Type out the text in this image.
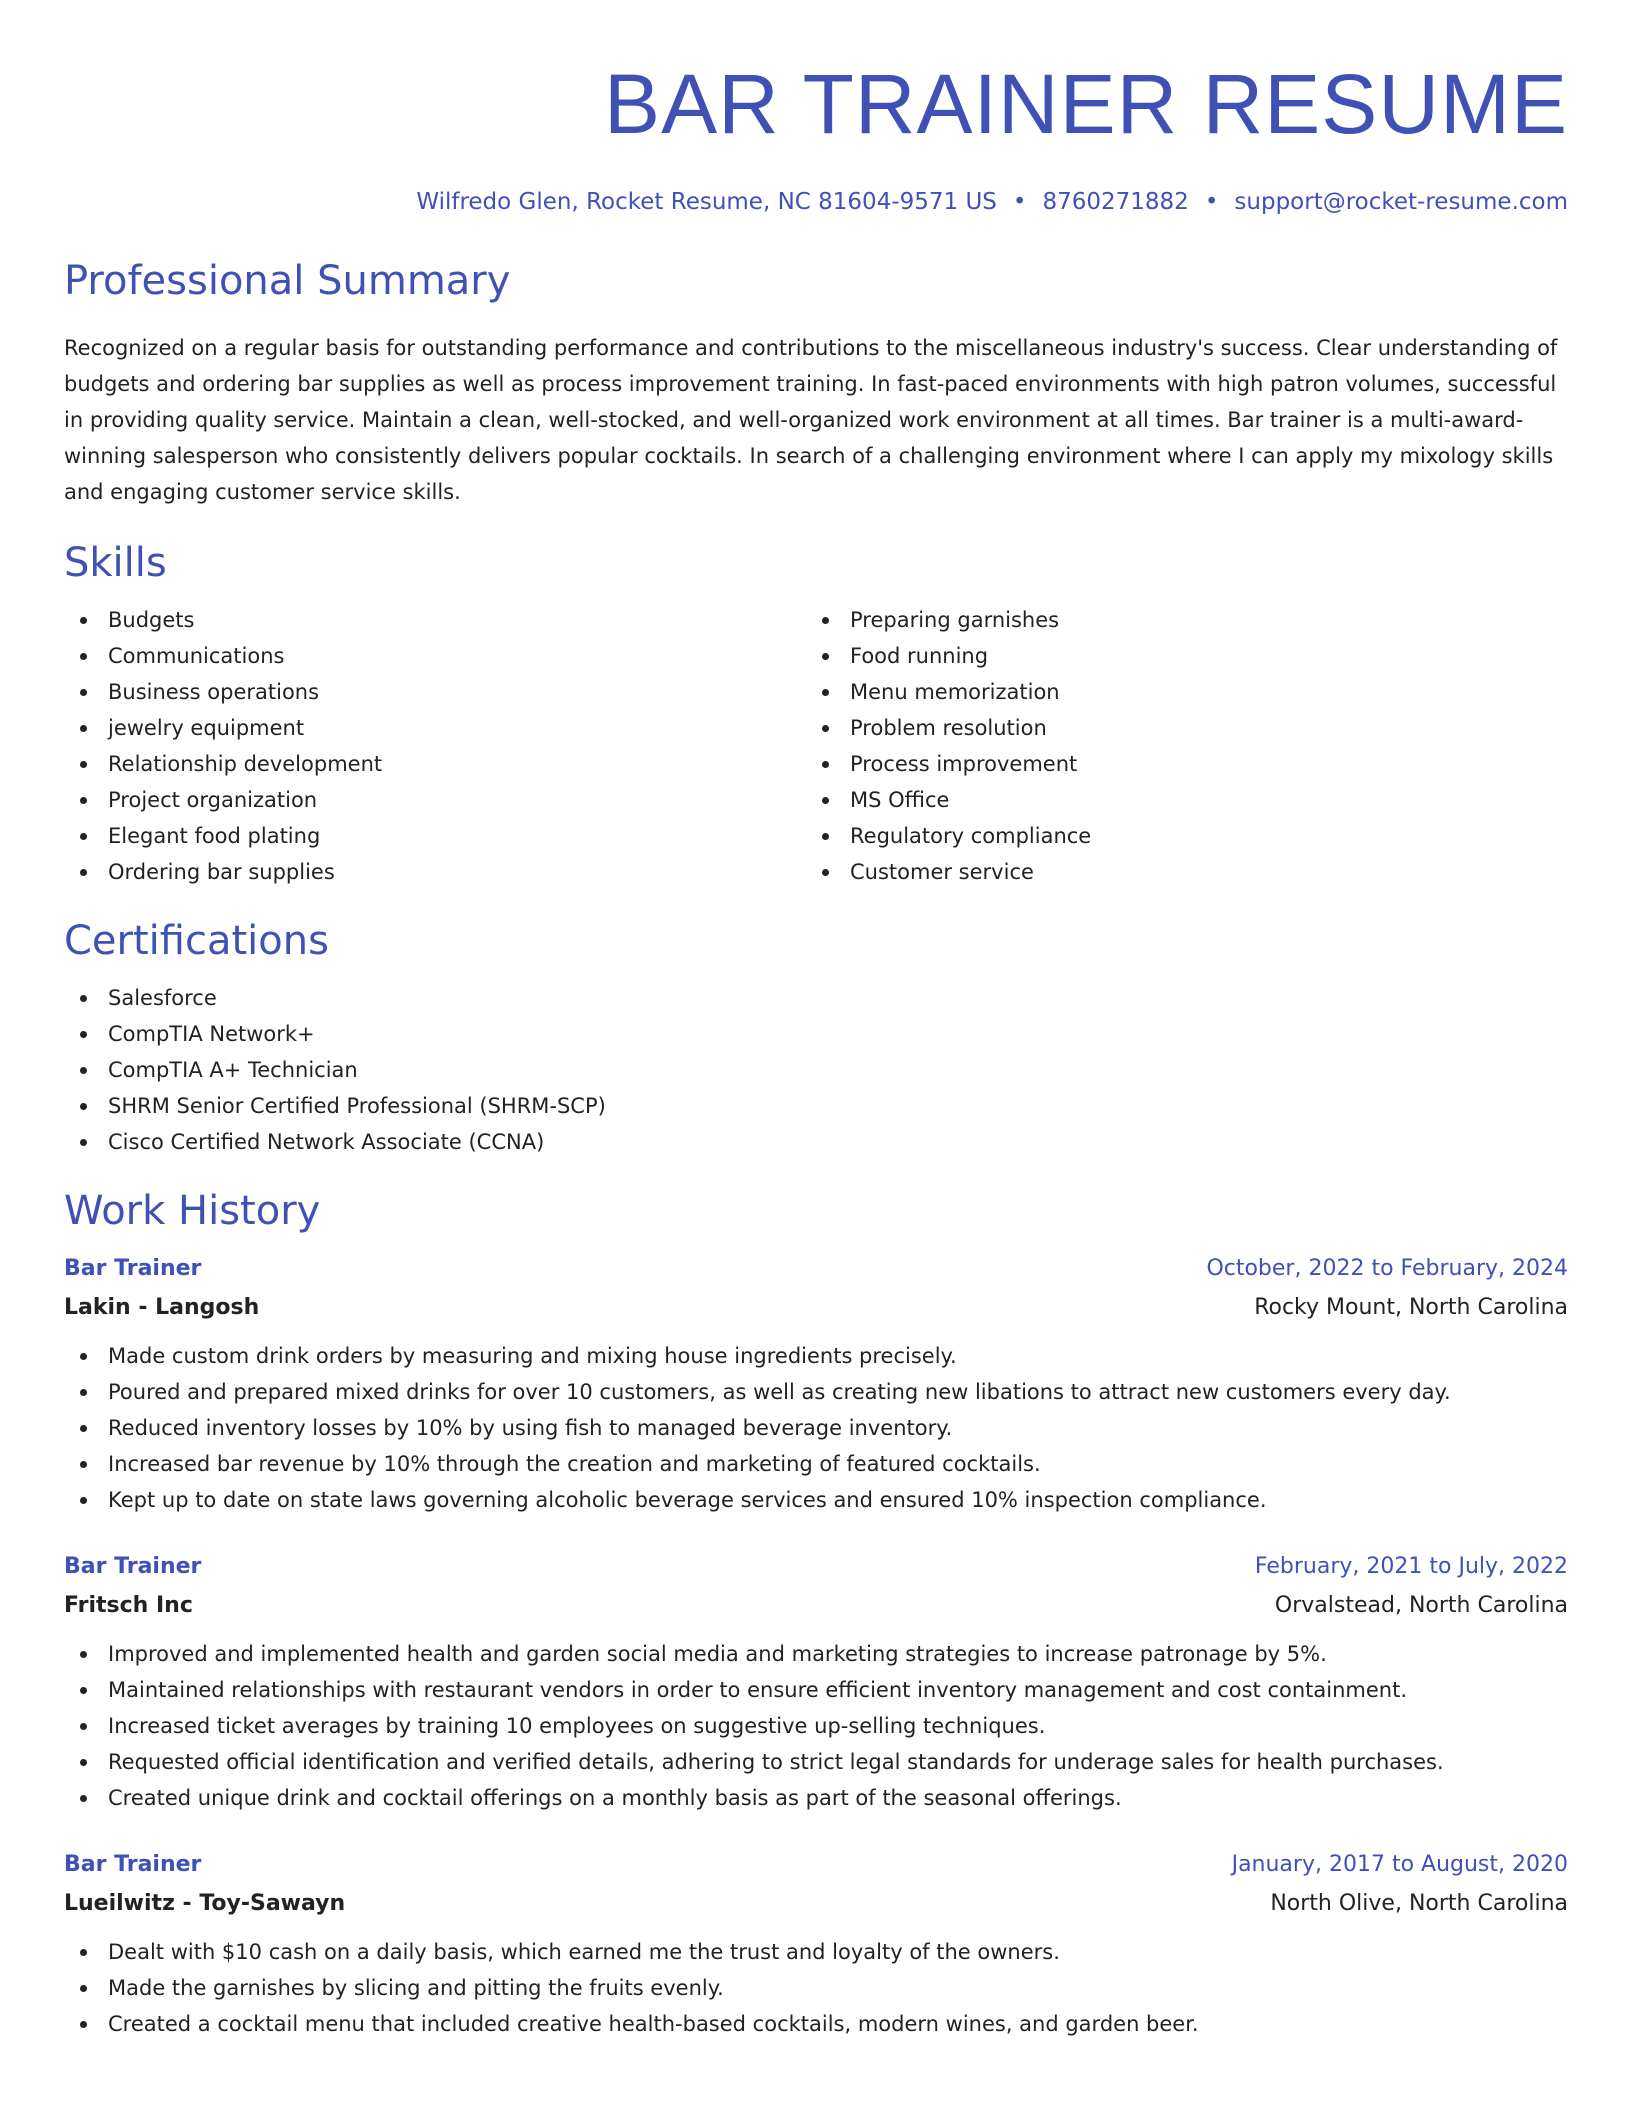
BAR TRAINER RESUME
Wilfredo Glen, Rocket Resume, NC 81604-9571 US • 8760271882 • support@rocket-resume.com
Professional Summary

Recognized on a regular basis for outstanding performance and contributions to the miscellaneous industry's success. Clear understanding of budgets and ordering bar supplies as well as process improvement training. In fast-paced environments with high patron volumes, successful in providing quality service. Maintain a clean, well-stocked, and well-organized work environment at all times. Bar trainer is a multi-award-winning salesperson who consistently delivers popular cocktails. In search of a challenging environment where I can apply my mixology skills and engaging customer service skills.

Skills
Budgets
Communications
Business operations
jewelry equipment
Relationship development
Project organization
Elegant food plating
Ordering bar supplies
Preparing garnishes
Food running
Menu memorization
Problem resolution
Process improvement
MS Office
Regulatory compliance
Customer service
Certifications
Salesforce
CompTIA Network+
CompTIA A+ Technician
SHRM Senior Certified Professional (SHRM-SCP)
Cisco Certified Network Associate (CCNA)
Work History
Bar Trainer	October, 2022 to February, 2024
Lakin - Langosh	Rocky Mount, North Carolina
Made custom drink orders by measuring and mixing house ingredients precisely.
Poured and prepared mixed drinks for over 10 customers, as well as creating new libations to attract new customers every day.
Reduced inventory losses by 10% by using fish to managed beverage inventory.
Increased bar revenue by 10% through the creation and marketing of featured cocktails.
Kept up to date on state laws governing alcoholic beverage services and ensured 10% inspection compliance.
Bar Trainer	February, 2021 to July, 2022
Fritsch Inc	Orvalstead, North Carolina
Improved and implemented health and garden social media and marketing strategies to increase patronage by 5%.
Maintained relationships with restaurant vendors in order to ensure efficient inventory management and cost containment.
Increased ticket averages by training 10 employees on suggestive up-selling techniques.
Requested official identification and verified details, adhering to strict legal standards for underage sales for health purchases.
Created unique drink and cocktail offerings on a monthly basis as part of the seasonal offerings.
Bar Trainer	January, 2017 to August, 2020
Lueilwitz - Toy-Sawayn	North Olive, North Carolina
Dealt with $10 cash on a daily basis, which earned me the trust and loyalty of the owners.
Made the garnishes by slicing and pitting the fruits evenly.
Created a cocktail menu that included creative health-based cocktails, modern wines, and garden beer.
